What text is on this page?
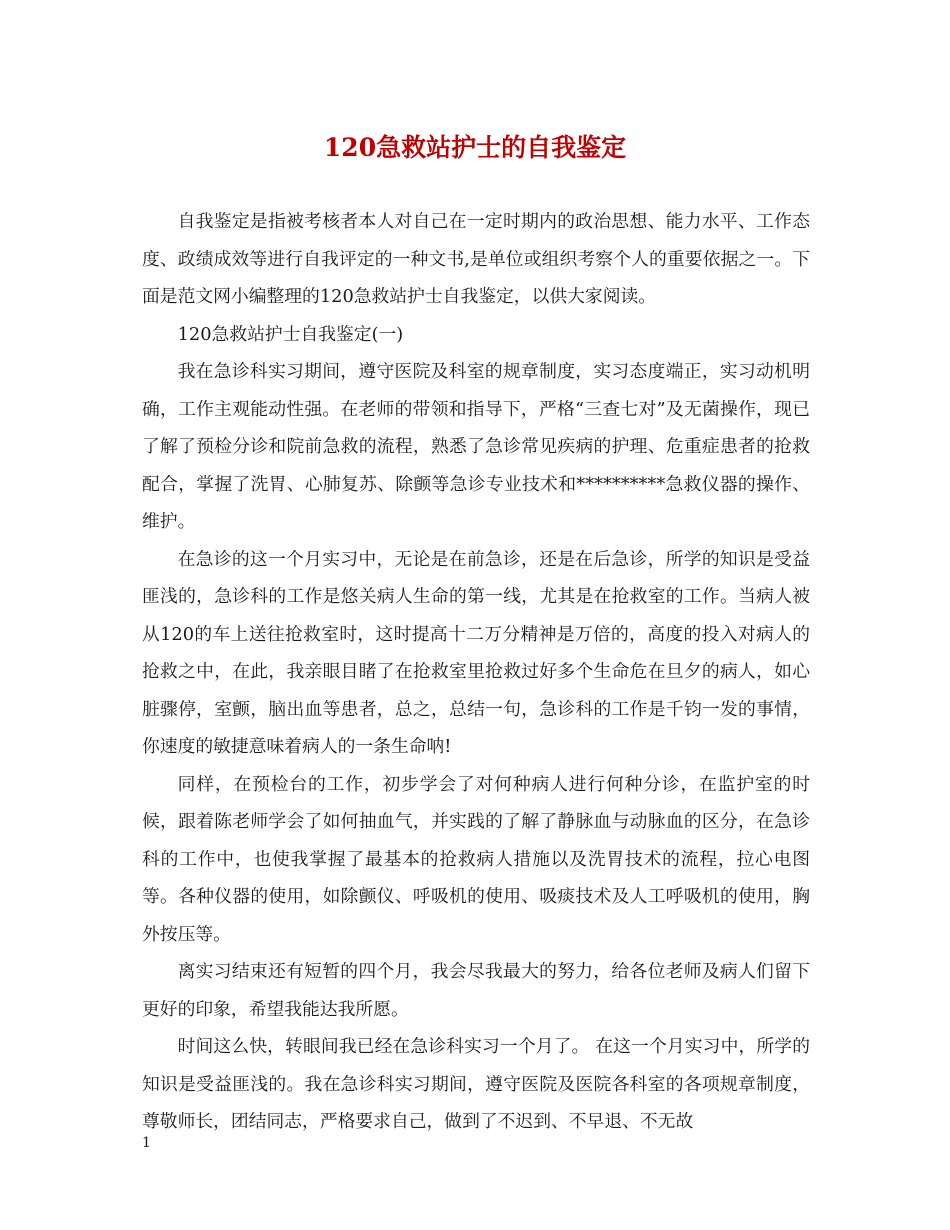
120急救站护士的自我鉴定

自我鉴定是指被考核者本人对自己在一定时期内的政治思想、能力水平、工作态度、政绩成效等进行自我评定的一种文书,是单位或组织考察个人的重要依据之一。下面是范文网小编整理的120急救站护士自我鉴定，以供大家阅读。

120急救站护士自我鉴定(一)

我在急诊科实习期间，遵守医院及科室的规章制度，实习态度端正，实习动机明确，工作主观能动性强。在老师的带领和指导下，严格“三查七对”及无菌操作，现已了解了预检分诊和院前急救的流程，熟悉了急诊常见疾病的护理、危重症患者的抢救配合，掌握了洗胃、心肺复苏、除颤等急诊专业技术和**********急救仪器的操作、维护。

在急诊的这一个月实习中，无论是在前急诊，还是在后急诊，所学的知识是受益匪浅的，急诊科的工作是悠关病人生命的第一线，尤其是在抢救室的工作。当病人被从120的车上送往抢救室时，这时提高十二万分精神是万倍的，高度的投入对病人的抢救之中，在此，我亲眼目睹了在抢救室里抢救过好多个生命危在旦夕的病人，如心脏骤停，室颤，脑出血等患者，总之，总结一句，急诊科的工作是千钧一发的事情，你速度的敏捷意味着病人的一条生命呐!

同样，在预检台的工作，初步学会了对何种病人进行何种分诊，在监护室的时候，跟着陈老师学会了如何抽血气，并实践的了解了静脉血与动脉血的区分，在急诊科的工作中，也使我掌握了最基本的抢救病人措施以及洗胃技术的流程，拉心电图等。各种仪器的使用，如除颤仪、呼吸机的使用、吸痰技术及人工呼吸机的使用，胸外按压等。

离实习结束还有短暂的四个月，我会尽我最大的努力，给各位老师及病人们留下更好的印象，希望我能达我所愿。

时间这么快，转眼间我已经在急诊科实习一个月了。 在这一个月实习中，所学的知识是受益匪浅的。我在急诊科实习期间，遵守医院及医院各科室的各项规章制度，尊敬师长，团结同志，严格要求自己，做到了不迟到、不早退、不无故

1
